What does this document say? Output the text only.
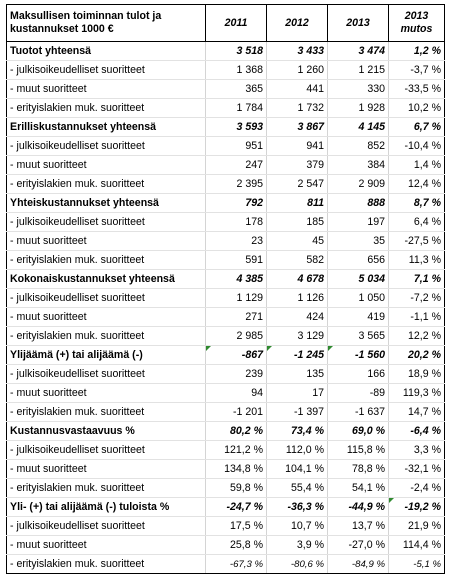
Maksullisen toiminnan tulot ja kustannukset 1000 €	2011	2012	2013	2013 mutos
Tuotot yhteensä	3 518	3 433	3 474	1,2 %
- julkisoikeudelliset suoritteet	1 368	1 260	1 215	-3,7 %
- muut suoritteet	365	441	330	-33,5 %
- erityislakien muk. suoritteet	1 784	1 732	1 928	10,2 %
Erilliskustannukset yhteensä	3 593	3 867	4 145	6,7 %
- julkisoikeudelliset suoritteet	951	941	852	-10,4 %
- muut suoritteet	247	379	384	1,4 %
- erityislakien muk. suoritteet	2 395	2 547	2 909	12,4 %
Yhteiskustannukset yhteensä	792	811	888	8,7 %
- julkisoikeudelliset suoritteet	178	185	197	6,4 %
- muut suoritteet	23	45	35	-27,5 %
- erityislakien muk. suoritteet	591	582	656	11,3 %
Kokonaiskustannukset yhteensä	4 385	4 678	5 034	7,1 %
- julkisoikeudelliset suoritteet	1 129	1 126	1 050	-7,2 %
- muut suoritteet	271	424	419	-1,1 %
- erityislakien muk. suoritteet	2 985	3 129	3 565	12,2 %
Ylijäämä (+) tai alijäämä (-)	-867	-1 245	-1 560	20,2 %
- julkisoikeudelliset suoritteet	239	135	166	18,9 %
- muut suoritteet	94	17	-89	119,3 %
- erityislakien muk. suoritteet	-1 201	-1 397	-1 637	14,7 %
Kustannusvastaavuus %	80,2 %	73,4 %	69,0 %	-6,4 %
- julkisoikeudelliset suoritteet	121,2 %	112,0 %	115,8 %	3,3 %
- muut suoritteet	134,8 %	104,1 %	78,8 %	-32,1 %
- erityislakien muk. suoritteet	59,8 %	55,4 %	54,1 %	-2,4 %
Yli- (+) tai alijäämä (-) tuloista %	-24,7 %	-36,3 %	-44,9 %	-19,2 %
- julkisoikeudelliset suoritteet	17,5 %	10,7 %	13,7 %	21,9 %
- muut suoritteet	25,8 %	3,9 %	-27,0 %	114,4 %
- erityislakien muk. suoritteet	-67,3 %	-80,6 %	-84,9 %	-5,1 %
